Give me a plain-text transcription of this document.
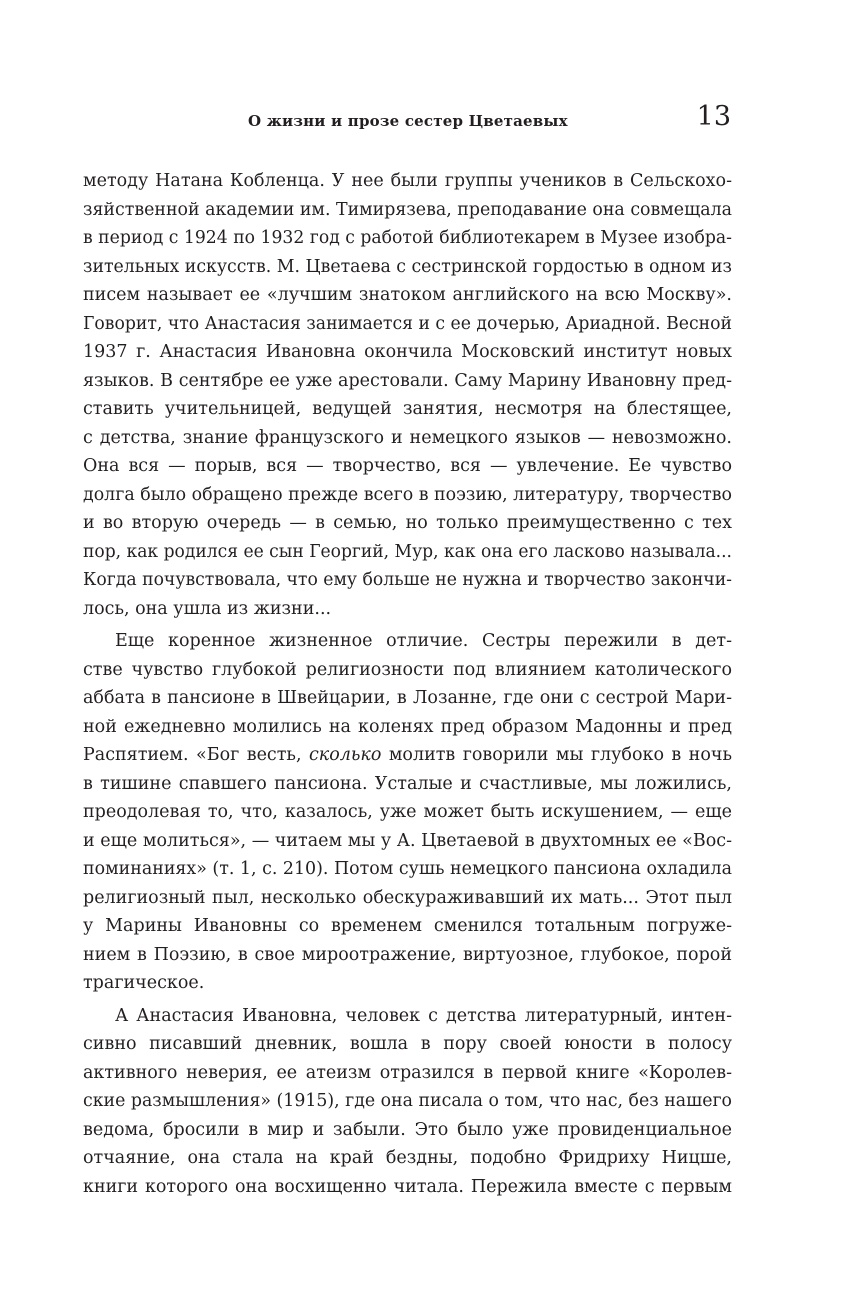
О жизни и прозе сестер Цветаевых	13
методу Натана Кобленца. У нее были группы учеников в Сельскохо-
зяйственной академии им. Тимирязева, преподавание она совмещала
в период с 1924 по 1932 год с работой библиотекарем в Музее изобра-
зительных искусств. М. Цветаева с сестринской гордостью в одном из
писем называет ее «лучшим знатоком английского на всю Москву».
Говорит, что Анастасия занимается и с ее дочерью, Ариадной. Весной
1937 г. Анастасия Ивановна окончила Московский институт новых
языков. В сентябре ее уже арестовали. Саму Марину Ивановну пред-
ставить учительницей, ведущей занятия, несмотря на блестящее,
с детства, знание французского и немецкого языков — невозможно.
Она вся — порыв, вся — творчество, вся — увлечение. Ее чувство
долга было обращено прежде всего в поэзию, литературу, творчество
и во вторую очередь — в семью, но только преимущественно с тех
пор, как родился ее сын Георгий, Мур, как она его ласково называла...
Когда почувствовала, что ему больше не нужна и творчество закончи-
лось, она ушла из жизни...
Еще коренное жизненное отличие. Сестры пережили в дет-
стве чувство глубокой религиозности под влиянием католического
аббата в пансионе в Швейцарии, в Лозанне, где они с сестрой Мари-
ной ежедневно молились на коленях пред образом Мадонны и пред
Распятием. «Бог весть, сколько молитв говорили мы глубоко в ночь
в тишине спавшего пансиона. Усталые и счастливые, мы ложились,
преодолевая то, что, казалось, уже может быть искушением, — еще
и еще молиться», — читаем мы у А. Цветаевой в двухтомных ее «Вос-
поминаниях» (т. 1, с. 210). Потом сушь немецкого пансиона охладила
религиозный пыл, несколько обескураживавший их мать... Этот пыл
у Марины Ивановны со временем сменился тотальным погруже-
нием в Поэзию, в свое мироотражение, виртуозное, глубокое, порой
трагическое.
А Анастасия Ивановна, человек с детства литературный, интен-
сивно писавший дневник, вошла в пору своей юности в полосу
активного неверия, ее атеизм отразился в первой книге «Королев-
ские размышления» (1915), где она писала о том, что нас, без нашего
ведома, бросили в мир и забыли. Это было уже провиденциальное
отчаяние, она стала на край бездны, подобно Фридриху Ницше,
книги которого она восхищенно читала. Пережила вместе с первым
